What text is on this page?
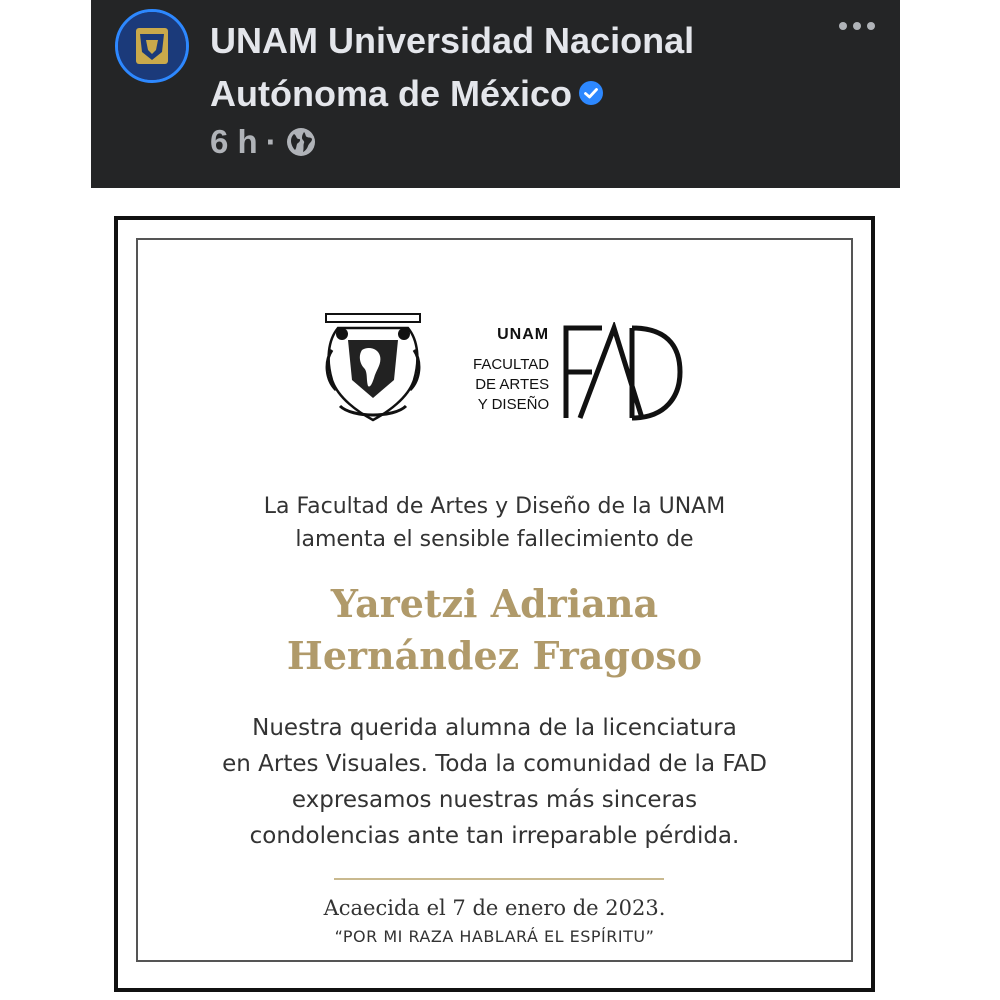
UNAM Universidad Nacional
Autónoma de México
6 h ·
UNAM
FACULTAD
DE ARTES
Y DISEÑO
La Facultad de Artes y Diseño de la UNAM
lamenta el sensible fallecimiento de
Yaretzi Adriana
Hernández Fragoso
Nuestra querida alumna de la licenciatura
en Artes Visuales. Toda la comunidad de la FAD
expresamos nuestras más sinceras
condolencias ante tan irreparable pérdida.
Acaecida el 7 de enero de 2023.
“POR MI RAZA HABLARÁ EL ESPÍRITU”
